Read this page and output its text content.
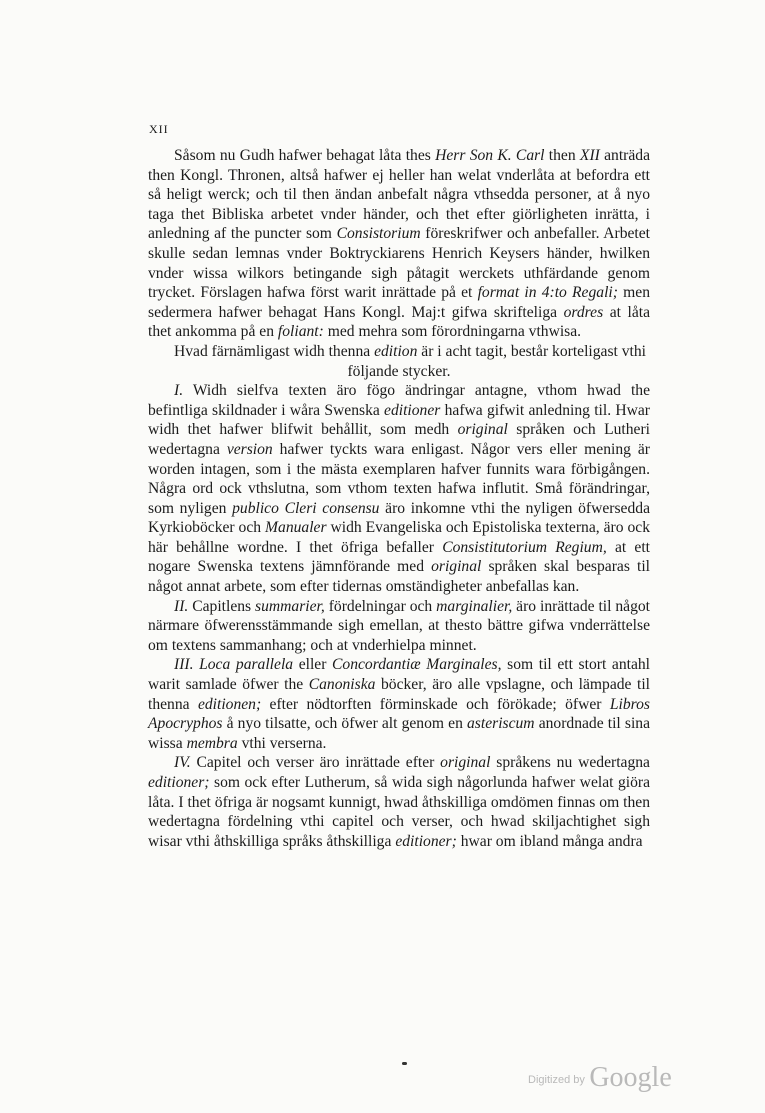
XII

Såsom nu Gudh hafwer behagat låta thes Herr Son K. Carl then XII anträda then Kongl. Thronen, altså hafwer ej heller han welat vnderlåta at befordra ett så heligt werck; och til then ändan anbefalt några vthsedda personer, at å nyo taga thet Bibliska arbetet vnder händer, och thet efter giörligheten inrätta, i anledning af the puncter som Consistorium föreskrifwer och anbefaller. Arbetet skulle sedan lemnas vnder Boktryckiarens Henrich Keysers händer, hwilken vnder wissa wilkors betingande sigh påtagit werckets uthfärdande genom trycket. Förslagen hafwa först warit inrättade på et format in 4:to Regali; men sedermera hafwer behagat Hans Kongl. Maj:t gifwa skrifteliga ordres at låta thet ankomma på en foliant: med mehra som förordningarna vthwisa.

Hvad färnämligast widh thenna edition är i acht tagit, består korteligast vthi

följande stycker.

I. Widh sielfva texten äro fögo ändringar antagne, vthom hwad the befintliga skildnader i wåra Swenska editioner hafwa gifwit anledning til. Hwar widh thet hafwer blifwit behållit, som medh original språken och Lutheri wedertagna version hafwer tyckts wara enligast. Någor vers eller mening är worden intagen, som i the mästa exemplaren hafver funnits wara förbigången. Några ord ock vthslutna, som vthom texten hafwa influtit. Små förändringar, som nyligen publico Cleri consensu äro inkomne vthi the nyligen öfwersedda Kyrkioböcker och Manualer widh Evangeliska och Epistoliska texterna, äro ock här behållne wordne. I thet öfriga befaller Consistitutorium Regium, at ett nogare Swenska textens jämnförande med original språken skal besparas til något annat arbete, som efter tidernas omständigheter anbefallas kan.

II. Capitlens summarier, fördelningar och marginalier, äro inrättade til något närmare öfwerensstämmande sigh emellan, at thesto bättre gifwa vnderrättelse om textens sammanhang; och at vnderhielpa minnet.

III. Loca parallela eller Concordantiæ Marginales, som til ett stort antahl warit samlade öfwer the Canoniska böcker, äro alle vpslagne, och lämpade til thenna editionen; efter nödtorften förminskade och förökade; öfwer Libros Apocryphos å nyo tilsatte, och öfwer alt genom en asteriscum anordnade til sina wissa membra vthi verserna.

IV. Capitel och verser äro inrättade efter original språkens nu wedertagna editioner; som ock efter Lutherum, så wida sigh någorlunda hafwer welat giöra låta. I thet öfriga är nogsamt kunnigt, hwad åthskilliga omdömen finnas om then wedertagna fördelning vthi capitel och verser, och hwad skiljachtighet sigh wisar vthi åthskilliga språks åthskilliga editioner; hwar om ibland många andra

Digitized by Google
